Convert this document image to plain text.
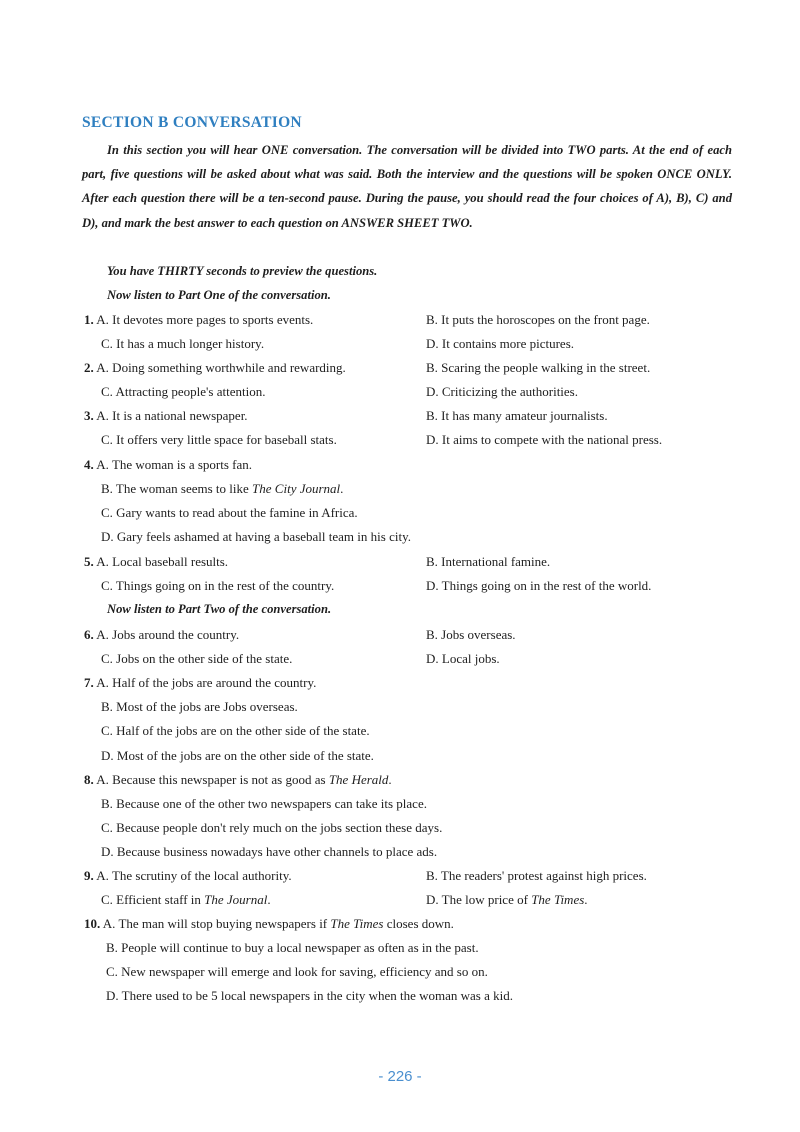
SECTION B CONVERSATION
In this section you will hear ONE conversation. The conversation will be divided into TWO parts. At the end of each part, five questions will be asked about what was said. Both the interview and the questions will be spoken ONCE ONLY. After each question there will be a ten-second pause. During the pause, you should read the four choices of A), B), C) and D), and mark the best answer to each question on ANSWER SHEET TWO.
You have THIRTY seconds to preview the questions.
Now listen to Part One of the conversation.
1. A. It devotes more pages to sports events.	B. It puts the horoscopes on the front page.
C. It has a much longer history.	D. It contains more pictures.
2. A. Doing something worthwhile and rewarding.	B. Scaring the people walking in the street.
C. Attracting people's attention.	D. Criticizing the authorities.
3. A. It is a national newspaper.	B. It has many amateur journalists.
C. It offers very little space for baseball stats.	D. It aims to compete with the national press.
4. A. The woman is a sports fan.
B. The woman seems to like The City Journal.
C. Gary wants to read about the famine in Africa.
D. Gary feels ashamed at having a baseball team in his city.
5. A. Local baseball results.	B. International famine.
C. Things going on in the rest of the country.	D. Things going on in the rest of the world.
Now listen to Part Two of the conversation.
6. A. Jobs around the country.	B. Jobs overseas.
C. Jobs on the other side of the state.	D. Local jobs.
7. A. Half of the jobs are around the country.
B. Most of the jobs are Jobs overseas.
C. Half of the jobs are on the other side of the state.
D. Most of the jobs are on the other side of the state.
8. A. Because this newspaper is not as good as The Herald.
B. Because one of the other two newspapers can take its place.
C. Because people don't rely much on the jobs section these days.
D. Because business nowadays have other channels to place ads.
9. A. The scrutiny of the local authority.	B. The readers' protest against high prices.
C. Efficient staff in The Journal.	D. The low price of The Times.
10. A. The man will stop buying newspapers if The Times closes down.
B. People will continue to buy a local newspaper as often as in the past.
C. New newspaper will emerge and look for saving, efficiency and so on.
D. There used to be 5 local newspapers in the city when the woman was a kid.
- 226 -
